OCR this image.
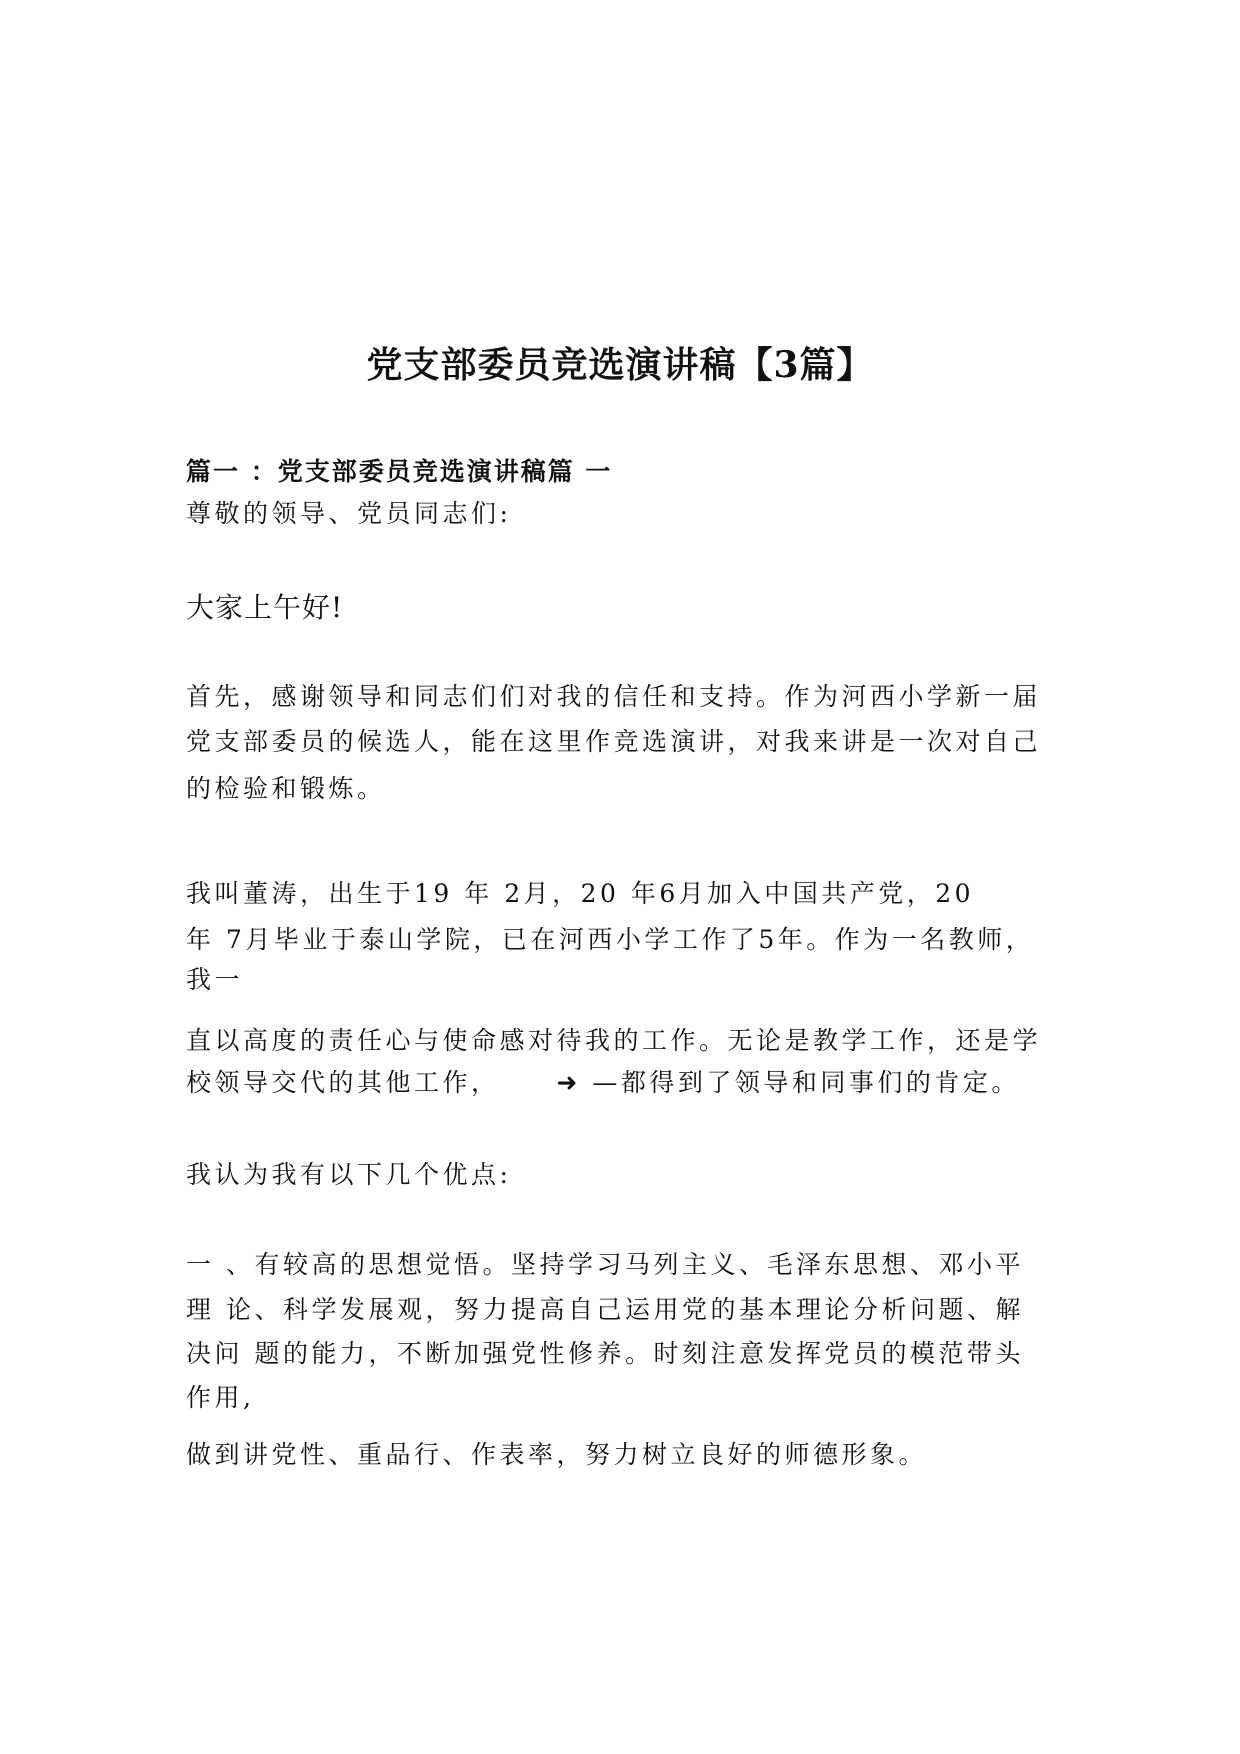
党支部委员竞选演讲稿【3篇】
篇一 ：党支部委员竞选演讲稿篇 一
尊敬的领导、党员同志们:
大家上午好!
首先，感谢领导和同志们们对我的信任和支持。作为河西小学新一届
党支部委员的候选人，能在这里作竞选演讲，对我来讲是一次对自己
的检验和锻炼。
我叫董涛，出生于19 年 2月，20 年6月加入中国共产党，20
年 7月毕业于泰山学院，已在河西小学工作了5年。作为一名教师，
我一
直以高度的责任心与使命感对待我的工作。无论是教学工作，还是学
校领导交代的其他工作， ➜ —都得到了领导和同事们的肯定。
我认为我有以下几个优点:
一 、有较高的思想觉悟。坚持学习马列主义、毛泽东思想、邓小平
理 论、科学发展观，努力提高自己运用党的基本理论分析问题、解
决问 题的能力，不断加强党性修养。时刻注意发挥党员的模范带头
作用,
做到讲党性、重品行、作表率，努力树立良好的师德形象。
